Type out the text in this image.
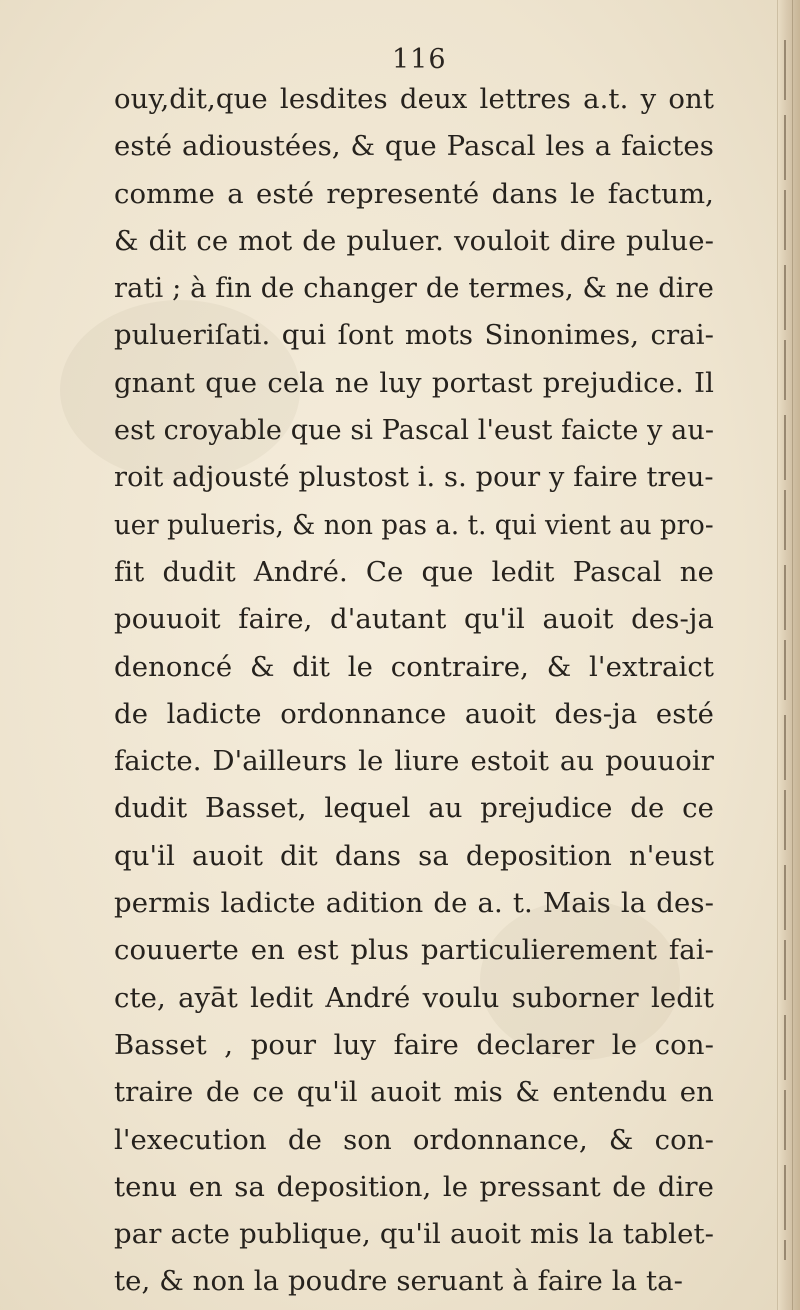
116
ouy,dit,que lesdites deux lettres a.t. y ont
esté adioustées, & que Pascal les a faictes
comme a esté representé dans le factum,
& dit ce mot de puluer. vouloit dire pulue-
rati ; à fin de changer de termes, & ne dire
pulueriſati. qui ſont mots Sinonimes, crai-
gnant que cela ne luy portast prejudice. Il
est croyable que si Pascal l'eust faicte y au-
roit adjousté plustost i. s. pour y faire treu-
uer pulueris, & non pas a. t. qui vient au pro-
fit dudit André. Ce que ledit Pascal ne
pouuoit faire, d'autant qu'il auoit des-ja
denoncé & dit le contraire, & l'extraict
de ladicte ordonnance auoit des-ja esté
faicte. D'ailleurs le liure estoit au pouuoir
dudit Basset, lequel au prejudice de ce
qu'il auoit dit dans sa deposition n'eust
permis ladicte adition de a. t. Mais la des-
couuerte en est plus particulierement fai-
cte, ayāt ledit André voulu suborner ledit
Basset , pour luy faire declarer le con-
traire de ce qu'il auoit mis & entendu en
l'execution de son ordonnance, & con-
tenu en sa deposition, le pressant de dire
par acte publique, qu'il auoit mis la tablet-
te, & non la poudre seruant à faire la ta-
